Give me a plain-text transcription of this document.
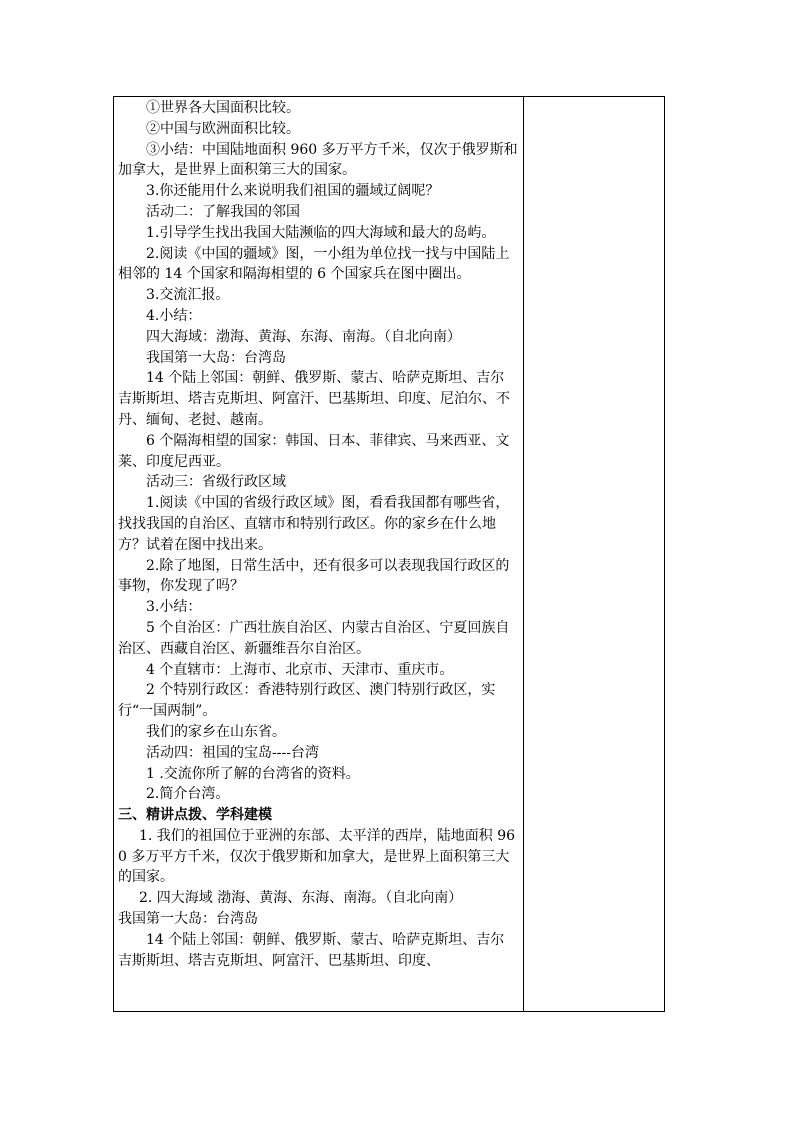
①世界各大国面积比较。

②中国与欧洲面积比较。

③小结：中国陆地面积 960 多万平方千米，仅次于俄罗斯和加拿大，是世界上面积第三大的国家。

3.你还能用什么来说明我们祖国的疆域辽阔呢？

活动二：了解我国的邻国

1.引导学生找出我国大陆濒临的四大海域和最大的岛屿。

2.阅读《中国的疆域》图，一小组为单位找一找与中国陆上相邻的 14 个国家和隔海相望的 6 个国家兵在图中圈出。

3.交流汇报。

4.小结：

四大海域：渤海、黄海、东海、南海。（自北向南）

我国第一大岛：台湾岛

14 个陆上邻国：朝鲜、俄罗斯、蒙古、哈萨克斯坦、吉尔吉斯斯坦、塔吉克斯坦、阿富汗、巴基斯坦、印度、尼泊尔、不丹、缅甸、老挝、越南。

6 个隔海相望的国家：韩国、日本、菲律宾、马来西亚、文莱、印度尼西亚。

活动三：省级行政区域

1.阅读《中国的省级行政区域》图，看看我国都有哪些省，找找我国的自治区、直辖市和特别行政区。你的家乡在什么地方？试着在图中找出来。

2.除了地图，日常生活中，还有很多可以表现我国行政区的事物，你发现了吗？

3.小结：

5 个自治区：广西壮族自治区、内蒙古自治区、宁夏回族自治区、西藏自治区、新疆维吾尔自治区。

4 个直辖市：上海市、北京市、天津市、重庆市。

2 个特别行政区：香港特别行政区、澳门特别行政区，实行“一国两制”。

我们的家乡在山东省。

活动四：祖国的宝岛----台湾

1 .交流你所了解的台湾省的资料。

2.简介台湾。

三、精讲点拨、学科建模

1. 我们的祖国位于亚洲的东部、太平洋的西岸，陆地面积 960 多万平方千米，仅次于俄罗斯和加拿大，是世界上面积第三大的国家。

2. 四大海域 渤海、黄海、东海、南海。（自北向南）

我国第一大岛：台湾岛

14 个陆上邻国：朝鲜、俄罗斯、蒙古、哈萨克斯坦、吉尔吉斯斯坦、塔吉克斯坦、阿富汗、巴基斯坦、印度、
